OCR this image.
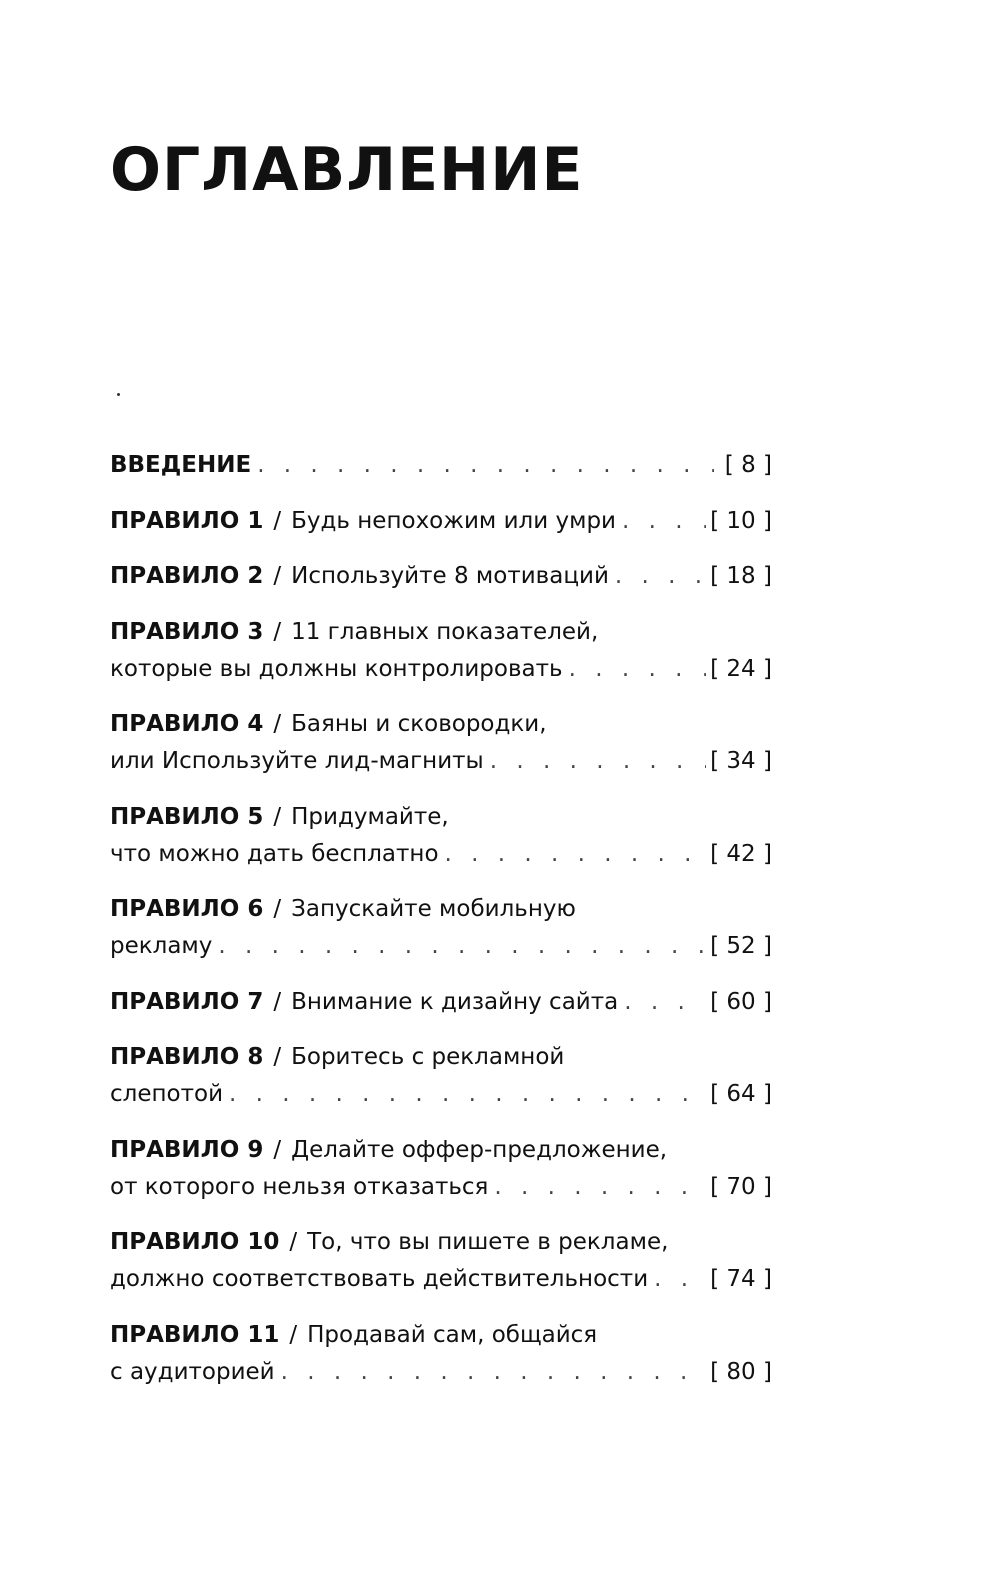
ОГЛАВЛЕНИЕ
ВВЕДЕНИЕ . . .	[ 8 ]
ПРАВИЛО 1 / Будь непохожим или умри . . .	[ 10 ]
ПРАВИЛО 2 / Используйте 8 мотиваций . . .	[ 18 ]
ПРАВИЛО 3 / 11 главных показателей,
которые вы должны контролировать . . .	[ 24 ]
ПРАВИЛО 4 / Баяны и сковородки,
или Используйте лид-магниты . . .	[ 34 ]
ПРАВИЛО 5 / Придумайте,
что можно дать бесплатно . . .	[ 42 ]
ПРАВИЛО 6 / Запускайте мобильную
рекламу . . .	[ 52 ]
ПРАВИЛО 7 / Внимание к дизайну сайта . . .	[ 60 ]
ПРАВИЛО 8 / Боритесь с рекламной
слепотой . . .	[ 64 ]
ПРАВИЛО 9 / Делайте оффер-предложение,
от которого нельзя отказаться . . .	[ 70 ]
ПРАВИЛО 10 / То, что вы пишете в рекламе,
должно соответствовать действительности . . .	[ 74 ]
ПРАВИЛО 11 / Продавай сам, общайся
с аудиторией . . .	[ 80 ]
